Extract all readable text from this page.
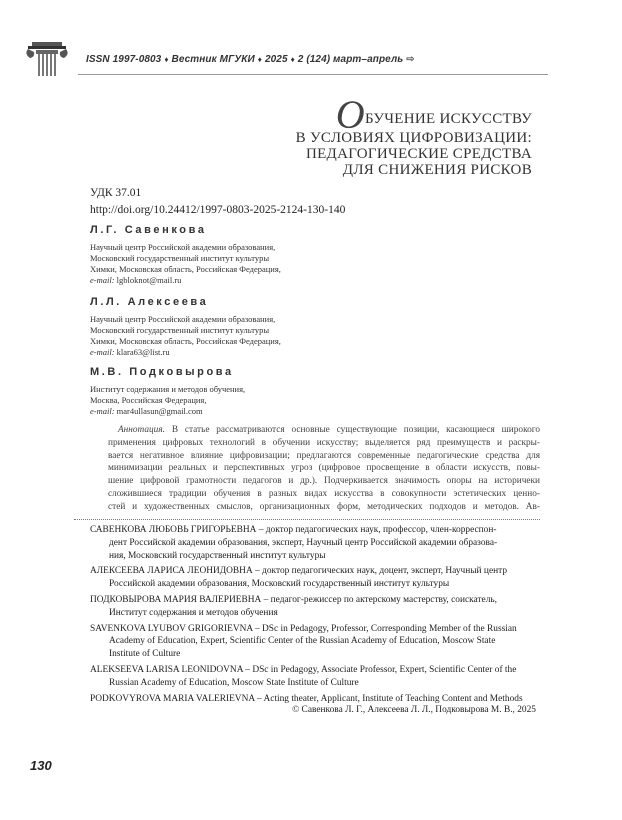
ISSN 1997-0803 ♦ Вестник МГУКИ ♦ 2025 ♦ 2 (124) март–апрель ⇨
ОБУЧЕНИЕ ИСКУССТВУ
В УСЛОВИЯХ ЦИФРОВИЗАЦИИ:
ПЕДАГОГИЧЕСКИЕ СРЕДСТВА
ДЛЯ СНИЖЕНИЯ РИСКОВ
УДК 37.01
http://doi.org/10.24412/1997-0803-2025-2124-130-140
Л.Г. Савенкова
Научный центр Российской академии образования,
Московский государственный институт культуры
Химки, Московская область, Российская Федерация,
e-mail: lgbloknot@mail.ru
Л.Л. Алексеева
Научный центр Российской академии образования,
Московский государственный институт культуры
Химки, Московская область, Российская Федерация,
e-mail: klara63@list.ru
М.В. Подковырова
Институт содержания и методов обучения,
Москва, Российская Федерация,
e-mail: mar4ullasun@gmail.com
Аннотация. В статье рассматриваются основные существующие позиции, касающиеся широкого
применения цифровых технологий в обучении искусству; выделяется ряд преимуществ и раскры-
вается негативное влияние цифровизации; предлагаются современные педагогические средства для
минимизации реальных и перспективных угроз (цифровое просвещение в области искусств, повы-
шение цифровой грамотности педагогов и др.). Подчеркивается значимость опоры на историчеки
сложившиеся традиции обучения в разных видах искусства в совокупности эстетических ценно-
стей и художественных смыслов, организационных форм, методических подходов и методов. Ав-
САВЕНКОВА ЛЮБОВЬ ГРИГОРЬЕВНА – доктор педагогических наук, профессор, член-корреспон-
дент Российской академии образования, эксперт, Научный центр Российской академии образова-
ния, Московский государственный институт культуры
АЛЕКСЕЕВА ЛАРИСА ЛЕОНИДОВНА – доктор педагогических наук, доцент, эксперт, Научный центр
Российской академии образования, Московский государственный институт культуры
ПОДКОВЫРОВА МАРИЯ ВАЛЕРИЕВНА – педагог-режиссер по актерскому мастерству, соискатель,
Институт содержания и методов обучения
SAVENKOVA LYUBOV GRIGORIEVNA – DSc in Pedagogy, Professor, Corresponding Member of the Russian
Academy of Education, Expert, Scientific Center of the Russian Academy of Education, Moscow State
Institute of Culture
ALEKSEEVA LARISA LEONIDOVNA – DSc in Pedagogy, Associate Professor, Expert, Scientific Center of the
Russian Academy of Education, Moscow State Institute of Culture
PODKOVYROVA MARIA VALERIEVNA – Acting theater, Applicant, Institute of Teaching Content and Methods
© Савенкова Л. Г., Алексеева Л. Л., Подковырова М. В., 2025
130
